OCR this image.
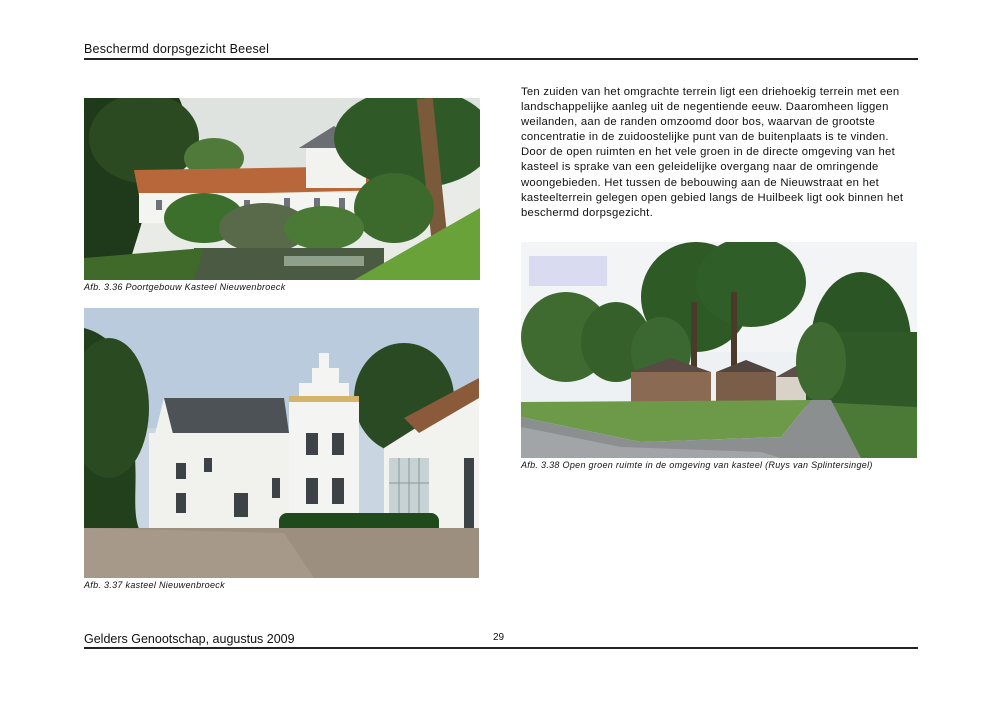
Beschermd dorpsgezicht Beesel
Afb. 3.36 Poortgebouw Kasteel Nieuwenbroeck
Afb. 3.37 kasteel Nieuwenbroeck

Ten zuiden van het omgrachte terrein ligt een driehoekig terrein met een landschappelijke aanleg uit de negentiende eeuw. Daaromheen liggen weilanden, aan de randen omzoomd door bos, waarvan de grootste concentratie in de zuidoostelijke punt van de buitenplaats is te vinden.

Door de open ruimten en het vele groen in de directe omgeving van het kasteel is sprake van een geleidelijke overgang naar de omringende woongebieden. Het tussen de bebouwing aan de Nieuwstraat en het kasteelterrein gelegen open gebied langs de Huilbeek ligt ook binnen het beschermd dorpsgezicht.

Afb. 3.38 Open groen ruimte in de omgeving van kasteel (Ruys van Splintersingel)
Gelders Genootschap, augustus 2009	29
